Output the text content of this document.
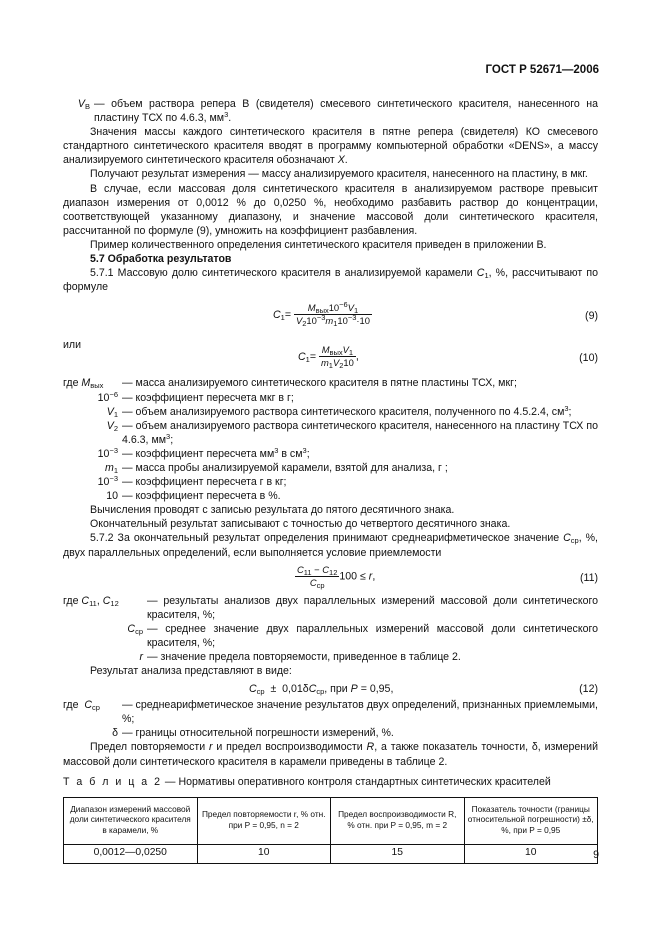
ГОСТ Р 52671—2006
$V_В$ — объем раствора репера В (свидетеля) смесевого синтетического красителя, нанесенного на пластину ТСХ по 4.6.3, $мм^3$.

Значения массы каждого синтетического красителя в пятне репера (свидетеля) КО смесевого стандартного синтетического красителя вводят в программу компьютерной обработки «DENS», а массу анализируемого синтетического красителя обозначают X.

Получают результат измерения — массу анализируемого красителя, нанесенного на пластину, в мкг.

В случае, если массовая доля синтетического красителя в анализируемом растворе превысит диапазон измерения от 0,0012 % до 0,0250 %, необходимо разбавить раствор до концентрации, соответствующей указанному диапазону, и значение массовой доли синтетического красителя, рассчитанной по формуле (9), умножить на коэффициент разбавления.

Пример количественного определения синтетического красителя приведен в приложении В.

5.7 Обработка результатов

5.7.1 Массовую долю синтетического красителя в анализируемой карамели $C_1$, %, рассчитывают по формуле

$C_1= \frac{M_{вых}10^{-6}V_1}{V_210^{-3}m_110^{-3}\cdot 10}$	(9)

или

$C_1= \frac{M_{вых}V_1}{m_1V_210}$ ,	(10)
где $M_{вых}$	— масса анализируемого синтетического красителя в пятне пластины ТСХ, мкг;
$10^{-6}$ — коэффициент пересчета мкг в г;
$V_1$ — объем анализируемого раствора синтетического красителя, полученного по 4.5.2.4, $см^3$;
$V_2$ — объем анализируемого раствора синтетического красителя, нанесенного на пластину ТСХ по 4.6.3, $мм^3$;
$10^{-3}$ — коэффициент пересчета $мм^3$ в $см^3$;
$m_1$ — масса пробы анализируемой карамели, взятой для анализа, г ;
$10^{-3}$ — коэффициент пересчета г в кг;
10 — коэффициент пересчета в %.

Вычисления проводят с записью результата до пятого десятичного знака.

Окончательный результат записывают с точностью до четвертого десятичного знака.

5.7.2 За окончательный результат определения принимают среднеарифметическое значение $C_{ср}$, %, двух параллельных определений, если выполняется условие приемлемости

$\frac{C_{11} - C_{12}}{C_{ср}} 100 \le r$,	(11)
где $C_{11}$, $C_{12}$	— результаты анализов двух параллельных измерений массовой доли синтетического красителя, %;
$C_{ср}$ — среднее значение двух параллельных измерений массовой доли синтетического красителя, %;
r — значение предела повторяемости, приведенное в таблице 2.

Результат анализа представляют в виде:

$C_{ср} \pm 0,01\delta C_{ср}$, при P = 0,95,	(12)
где  $C_{ср}$	— среднеарифметическое значение результатов двух определений, признанных приемлемыми, %;
δ — границы относительной погрешности измерений, %.

Предел повторяемости r и предел воспроизводимости R, а также показатель точности, δ, измерений массовой доли синтетического красителя в карамели приведены в таблице 2.

Т а б л и ц а 2 — Нормативы оперативного контроля стандартных синтетических красителей

Диапазон измерений массовой доли синтетического красителя в карамели, %	Предел повторяемости r, % отн. при P = 0,95, n = 2	Предел воспроизводимости R, % отн. при P = 0,95, m = 2	Показатель точности (границы относительной погрешности) ±δ, %, при P = 0,95
0,0012—0,0250	10	15	10	9
